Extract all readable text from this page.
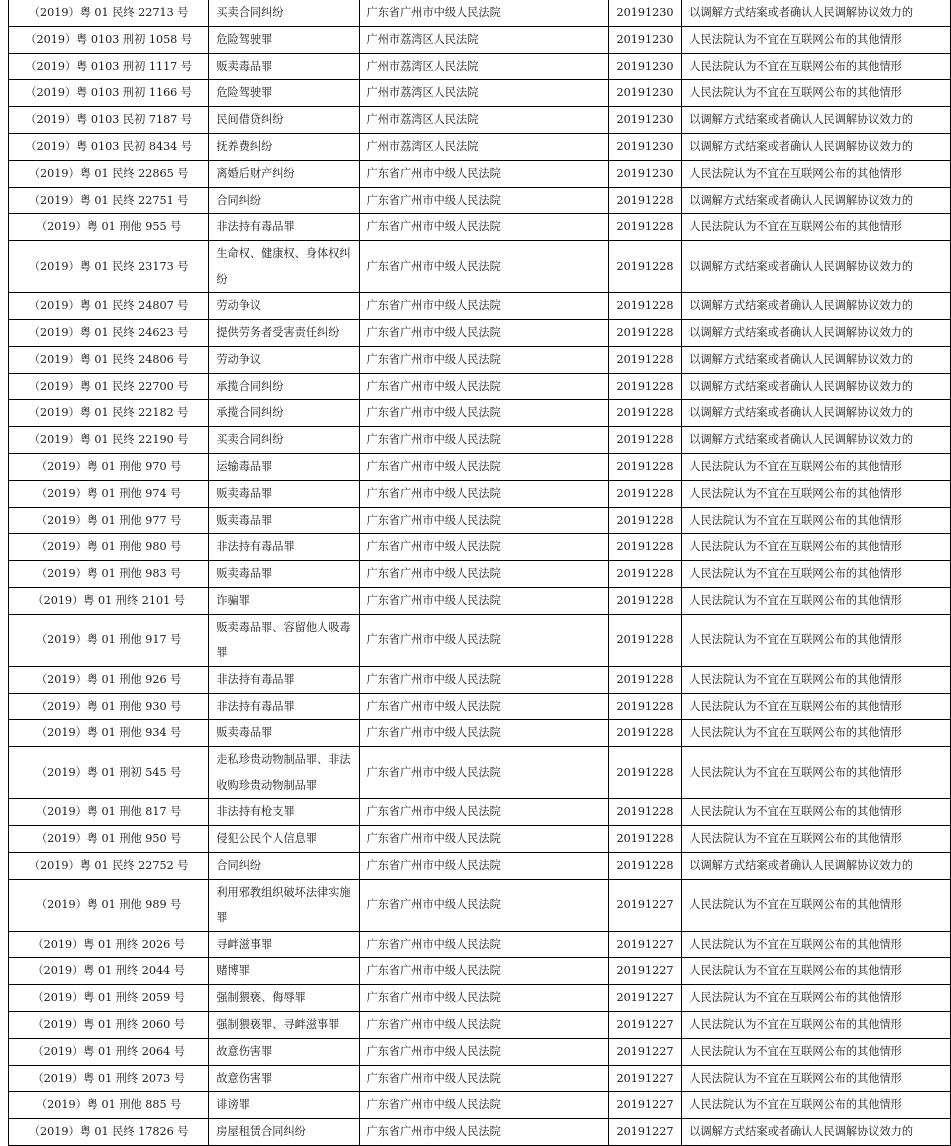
（2019）粤 01 民终 22713 号	买卖合同纠纷	广东省广州市中级人民法院	20191230	以调解方式结案或者确认人民调解协议效力的
（2019）粤 0103 刑初 1058 号	危险驾驶罪	广州市荔湾区人民法院	20191230	人民法院认为不宜在互联网公布的其他情形
（2019）粤 0103 刑初 1117 号	贩卖毒品罪	广州市荔湾区人民法院	20191230	人民法院认为不宜在互联网公布的其他情形
（2019）粤 0103 刑初 1166 号	危险驾驶罪	广州市荔湾区人民法院	20191230	人民法院认为不宜在互联网公布的其他情形
（2019）粤 0103 民初 7187 号	民间借贷纠纷	广州市荔湾区人民法院	20191230	以调解方式结案或者确认人民调解协议效力的
（2019）粤 0103 民初 8434 号	抚养费纠纷	广州市荔湾区人民法院	20191230	以调解方式结案或者确认人民调解协议效力的
（2019）粤 01 民终 22865 号	离婚后财产纠纷	广东省广州市中级人民法院	20191230	人民法院认为不宜在互联网公布的其他情形
（2019）粤 01 民终 22751 号	合同纠纷	广东省广州市中级人民法院	20191228	以调解方式结案或者确认人民调解协议效力的
（2019）粤 01 刑他 955 号	非法持有毒品罪	广东省广州市中级人民法院	20191228	人民法院认为不宜在互联网公布的其他情形
（2019）粤 01 民终 23173 号	生命权、健康权、身体权纠纷	广东省广州市中级人民法院	20191228	以调解方式结案或者确认人民调解协议效力的
（2019）粤 01 民终 24807 号	劳动争议	广东省广州市中级人民法院	20191228	以调解方式结案或者确认人民调解协议效力的
（2019）粤 01 民终 24623 号	提供劳务者受害责任纠纷	广东省广州市中级人民法院	20191228	以调解方式结案或者确认人民调解协议效力的
（2019）粤 01 民终 24806 号	劳动争议	广东省广州市中级人民法院	20191228	以调解方式结案或者确认人民调解协议效力的
（2019）粤 01 民终 22700 号	承揽合同纠纷	广东省广州市中级人民法院	20191228	以调解方式结案或者确认人民调解协议效力的
（2019）粤 01 民终 22182 号	承揽合同纠纷	广东省广州市中级人民法院	20191228	以调解方式结案或者确认人民调解协议效力的
（2019）粤 01 民终 22190 号	买卖合同纠纷	广东省广州市中级人民法院	20191228	以调解方式结案或者确认人民调解协议效力的
（2019）粤 01 刑他 970 号	运输毒品罪	广东省广州市中级人民法院	20191228	人民法院认为不宜在互联网公布的其他情形
（2019）粤 01 刑他 974 号	贩卖毒品罪	广东省广州市中级人民法院	20191228	人民法院认为不宜在互联网公布的其他情形
（2019）粤 01 刑他 977 号	贩卖毒品罪	广东省广州市中级人民法院	20191228	人民法院认为不宜在互联网公布的其他情形
（2019）粤 01 刑他 980 号	非法持有毒品罪	广东省广州市中级人民法院	20191228	人民法院认为不宜在互联网公布的其他情形
（2019）粤 01 刑他 983 号	贩卖毒品罪	广东省广州市中级人民法院	20191228	人民法院认为不宜在互联网公布的其他情形
（2019）粤 01 刑终 2101 号	诈骗罪	广东省广州市中级人民法院	20191228	人民法院认为不宜在互联网公布的其他情形
（2019）粤 01 刑他 917 号	贩卖毒品罪、容留他人吸毒罪	广东省广州市中级人民法院	20191228	人民法院认为不宜在互联网公布的其他情形
（2019）粤 01 刑他 926 号	非法持有毒品罪	广东省广州市中级人民法院	20191228	人民法院认为不宜在互联网公布的其他情形
（2019）粤 01 刑他 930 号	非法持有毒品罪	广东省广州市中级人民法院	20191228	人民法院认为不宜在互联网公布的其他情形
（2019）粤 01 刑他 934 号	贩卖毒品罪	广东省广州市中级人民法院	20191228	人民法院认为不宜在互联网公布的其他情形
（2019）粤 01 刑初 545 号	走私珍贵动物制品罪、非法收购珍贵动物制品罪	广东省广州市中级人民法院	20191228	人民法院认为不宜在互联网公布的其他情形
（2019）粤 01 刑他 817 号	非法持有枪支罪	广东省广州市中级人民法院	20191228	人民法院认为不宜在互联网公布的其他情形
（2019）粤 01 刑他 950 号	侵犯公民个人信息罪	广东省广州市中级人民法院	20191228	人民法院认为不宜在互联网公布的其他情形
（2019）粤 01 民终 22752 号	合同纠纷	广东省广州市中级人民法院	20191228	以调解方式结案或者确认人民调解协议效力的
（2019）粤 01 刑他 989 号	利用邪教组织破坏法律实施罪	广东省广州市中级人民法院	20191227	人民法院认为不宜在互联网公布的其他情形
（2019）粤 01 刑终 2026 号	寻衅滋事罪	广东省广州市中级人民法院	20191227	人民法院认为不宜在互联网公布的其他情形
（2019）粤 01 刑终 2044 号	赌博罪	广东省广州市中级人民法院	20191227	人民法院认为不宜在互联网公布的其他情形
（2019）粤 01 刑终 2059 号	强制猥亵、侮辱罪	广东省广州市中级人民法院	20191227	人民法院认为不宜在互联网公布的其他情形
（2019）粤 01 刑终 2060 号	强制猥亵罪、寻衅滋事罪	广东省广州市中级人民法院	20191227	人民法院认为不宜在互联网公布的其他情形
（2019）粤 01 刑终 2064 号	故意伤害罪	广东省广州市中级人民法院	20191227	人民法院认为不宜在互联网公布的其他情形
（2019）粤 01 刑终 2073 号	故意伤害罪	广东省广州市中级人民法院	20191227	人民法院认为不宜在互联网公布的其他情形
（2019）粤 01 刑他 885 号	诽谤罪	广东省广州市中级人民法院	20191227	人民法院认为不宜在互联网公布的其他情形
（2019）粤 01 民终 17826 号	房屋租赁合同纠纷	广东省广州市中级人民法院	20191227	以调解方式结案或者确认人民调解协议效力的
